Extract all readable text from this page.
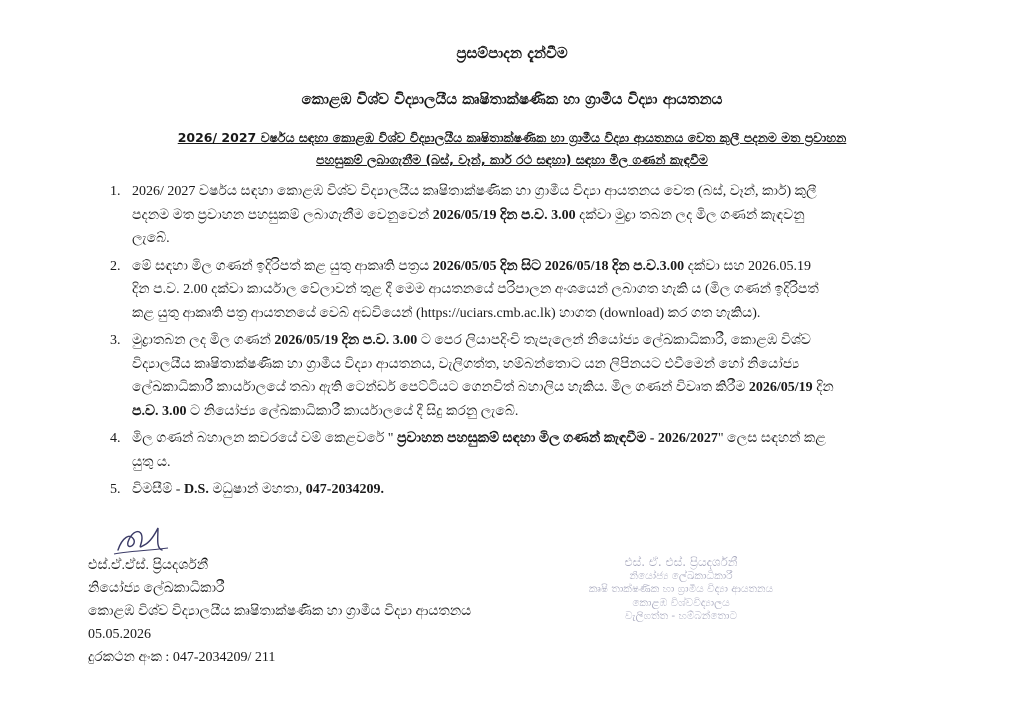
ප්‍රසම්පාදන දැන්වීම
කොළඹ විශ්ව විද්‍යාලයීය කෘෂිතාක්ෂණික හා ග්‍රාමීය විද්‍යා ආයතනය
2026/ 2027 වර්ෂය සඳහා කොළඹ විශ්ව විද්‍යාලයීය කෘෂිතාක්ෂණික හා ග්‍රාමීය විද්‍යා ආයතනය වෙත කුලී පදනම මත ප්‍රවාහන
පහසුකම් ලබාගැනීම (බස්, වෑන්, කාර් රථ සඳහා) සඳහා මිල ගණන් කැඳවීම
1. 2026/ 2027 වර්ෂය සඳහා කොළඹ විශ්ව විද්‍යාලයීය කෘෂිතාක්ෂණික හා ග්‍රාමීය විද්‍යා ආයතනය වෙත (බස්, වෑන්, කාර්) කුලී
පදනම මත ප්‍රවාහන පහසුකම් ලබාගැනීම වෙනුවෙන් 2026/05/19 දින ප.ව. 3.00 දක්වා මුද්‍රා තබන ලද මිල ගණන් කැඳවනු
ලැබේ.
2. මේ සඳහා මිල ගණන් ඉදිරිපත් කළ යුතු ආකෘති පත්‍රය 2026/05/05 දින සිට 2026/05/18 දින ප.ව.3.00 දක්වා සහ 2026.05.19
දින ප.ව. 2.00 දක්වා කාර්යාල වේලාවන් තුළ දී මෙම ආයතනයේ පරිපාලන අංශයෙන් ලබාගත හැකි ය (මිල ගණන් ඉදිරිපත්
කළ යුතු ආකෘති පත්‍ර ආයතනයේ වෙබ් අඩවියෙන් (https://uciars.cmb.ac.lk) හාගත (download) කර ගත හැකිය).
3. මුද්‍රාතබන ලද මිල ගණන් 2026/05/19 දින ප.ව. 3.00 ට පෙර ලියාපදිංචි තැපැලෙන් නියෝජ්‍ය ලේඛකාධිකාරී, කොළඹ විශ්ව
විද්‍යාලයීය කෘෂිතාක්ෂණික හා ග්‍රාමීය විද්‍යා ආයතනය, වැලිගත්ත, හම්බන්තොට යන ලිපිනයට එවීමෙන් හෝ නියෝජ්‍ය
ලේඛකාධිකාරී කාර්යාලයේ තබා ඇති ටෙන්ඩර් පෙට්ටියට ගෙනවිත් බහාලිය හැකිය. මිල ගණන් විවෘත කිරීම 2026/05/19 දින
ප.ව. 3.00 ට නියෝජ්‍ය ලේඛකාධිකාරී කාර්යාලයේ දී සිදු කරනු ලැබේ.
4. මිල ගණන් බහාලන කවරයේ වම් කෙළවරේ " ප්‍රවාහන පහසුකම් සඳහා මිල ගණන් කැඳවීම - 2026/2027" ලෙස සඳහන් කළ
යුතු ය.
5. විමසීම් - D.S. මධුෂාන් මහතා, 047-2034209.
එස්.ඒ.ඒස්. ප්‍රියදර්ශනී
නියෝජ්‍ය ලේඛකාධිකාරී
කොළඹ විශ්ව විද්‍යාලයීය කෘෂිතාක්ෂණික හා ග්‍රාමීය විද්‍යා ආයතනය
05.05.2026
දුරකථන අංක : 047-2034209/ 211
එස්. ඒ. එස්. ප්‍රියදර්ශනී
නියෝජ්‍ය ලේඛකාධිකාරී
කෘෂි තාක්ෂණික හා ග්‍රාමීය විද්‍යා ආයතනය
කොළඹ විශ්වවිද්‍යාලය
වැලිගත්ත - හම්බන්තොට
